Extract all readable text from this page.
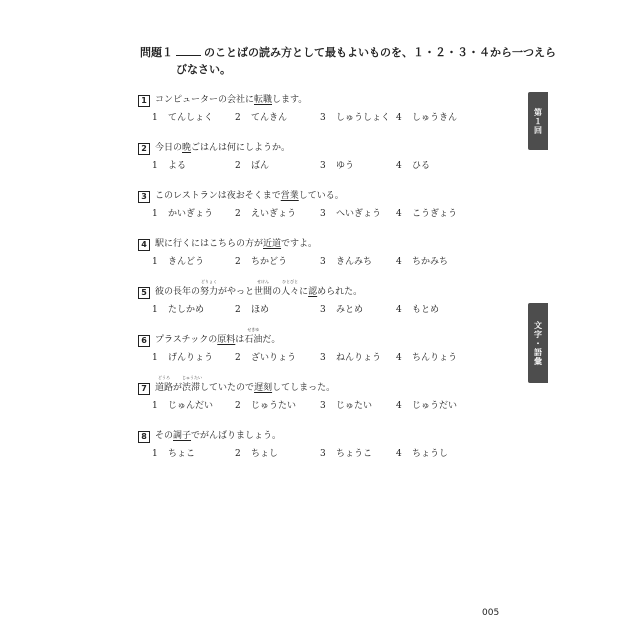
問題１	のことばの読み方として最もよいものを、１・２・３・４から一つえら
びなさい。
1 コンピューターの会社に転職します。
1 てんしょく 2 てんきん	3 しゅうしょく 4 しゅうきん
2 今日の晩ごはんは何にしようか。
1 よる	2 ばん	3 ゆう	4 ひる
3 このレストランは夜おそくまで営業している。
1 かいぎょう 2 えいぎょう	3 へいぎょう 4 こうぎょう
4 駅に行くにはこちらの方が近道ですよ。
1 きんどう	2 ちかどう	3 きんみち	4 ちかみち
5 彼の長年の努力
どりょく
がやっと世間
せけん
の人々
ひとびと
に認められた。
1 たしかめ	2 ほめ	3 みとめ	4 もとめ
6 プラスチックの原料は石油
せきゆ
だ。
1 げんりょう 2 ざいりょう	3 ねんりょう 4 ちんりょう
7 道路
どうろ
が渋滞
じゅうたい
していたので遅刻してしまった。
1 じゅんだい 2 じゅうたい	3 じゅたい	4 じゅうだい
8 その調子でがんばりましょう。
1 ちょこ	2 ちょし	3 ちょうこ	4 ちょうし
第１回
文字・語彙
005
